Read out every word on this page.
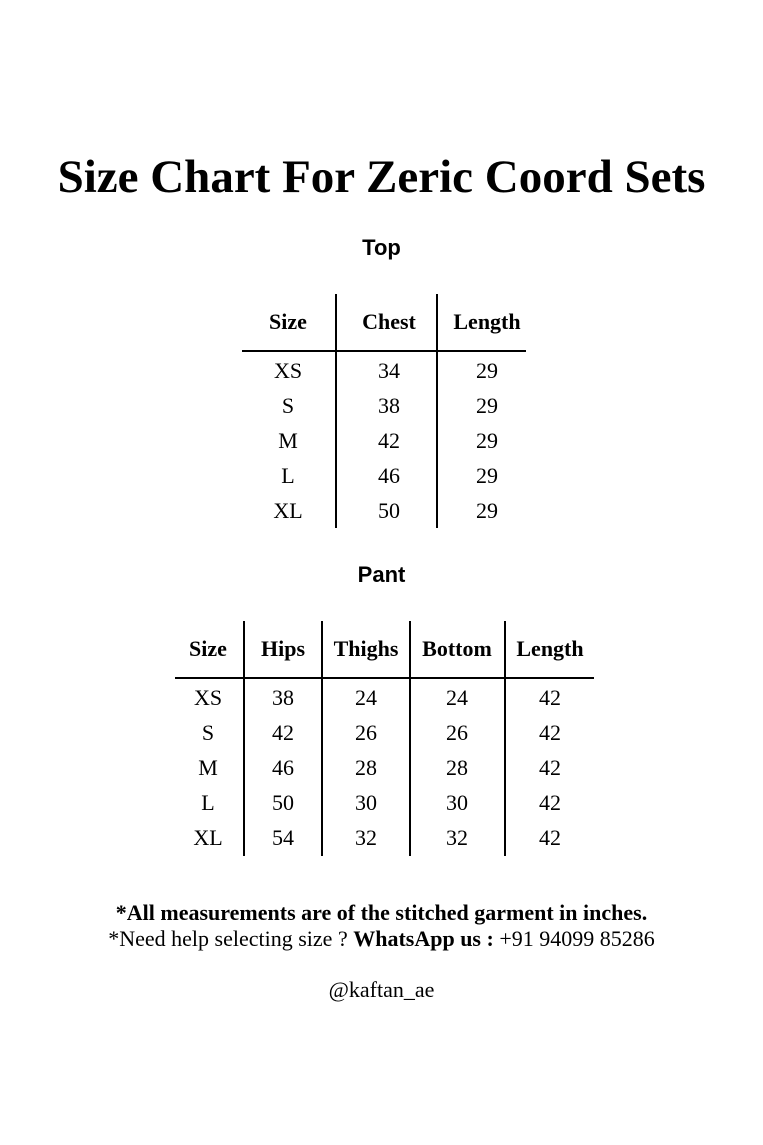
Size Chart For Zeric Coord Sets
Top
Size	Chest	Length
XS	34	29
S	38	29
M	42	29
L	46	29
XL	50	29
Pant
Size	Hips	Thighs	Bottom	Length
XS	38	24	24	42
S	42	26	26	42
M	46	28	28	42
L	50	30	30	42
XL	54	32	32	42
*All measurements are of the stitched garment in inches.
*Need help selecting size ? WhatsApp us : +91 94099 85286
@kaftan_ae
